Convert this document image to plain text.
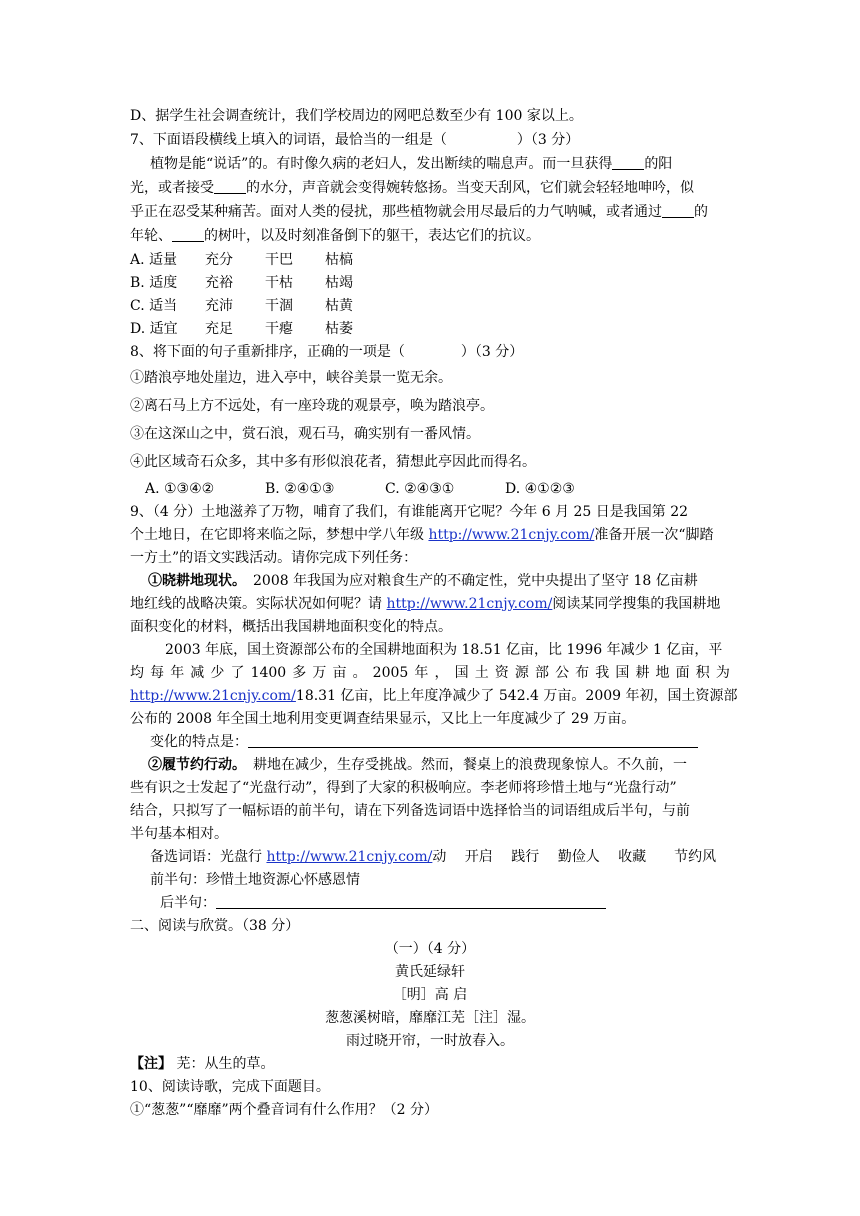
D、据学生社会调查统计，我们学校周边的网吧总数至少有 100 家以上。
7、下面语段横线上填入的词语，最恰当的一组是（　　　　　）（3 分）
植物是能“说话”的。有时像久病的老妇人，发出断续的喘息声。而一旦获得 的阳
光，或者接受 的水分，声音就会变得婉转悠扬。当变天刮风，它们就会轻轻地呻吟，似
乎正在忍受某种痛苦。面对人类的侵扰，那些植物就会用尽最后的力气呐喊，或者通过 的
年轮、 的树叶，以及时刻准备倒下的躯干，表达它们的抗议。
A. 适量 充分 干巴 枯槁
B. 适度 充裕 干枯 枯竭
C. 适当 充沛 干涸 枯黄
D. 适宜 充足 干瘪 枯萎
8、将下面的句子重新排序，正确的一项是（　　　　）（3 分）
①踏浪亭地处崖边，进入亭中，峡谷美景一览无余。
②离石马上方不远处，有一座玲珑的观景亭，唤为踏浪亭。
③在这深山之中，赏石浪，观石马，确实别有一番风情。
④此区域奇石众多，其中多有形似浪花者，猜想此亭因此而得名。
A. ①③④②	B. ②④①③	C. ②④③①	D. ④①②③
9、（4 分）土地滋养了万物，哺育了我们，有谁能离开它呢？今年 6 月 25 日是我国第 22
个土地日，在它即将来临之际，梦想中学八年级 http://www.21cnjy.com/准备开展一次“脚踏
一方土”的语文实践活动。请你完成下列任务：
①晓耕地现状。　 2008 年我国为应对粮食生产的不确定性，党中央提出了坚守 18 亿亩耕
地红线的战略决策。实际状况如何呢？请 http://www.21cnjy.com/阅读某同学搜集的我国耕地
面积变化的材料，概括出我国耕地面积变化的特点。
2003 年底，国土资源部公布的全国耕地面积为 18.51 亿亩，比 1996 年减少 1 亿亩，平
均 每 年 减 少 了 1400 多 万 亩 。 2005 年 ， 国 土 资 源 部 公 布 我 国 耕 地 面 积 为
http://www.21cnjy.com/18.31 亿亩，比上年度净减少了 542.4 万亩。2009 年初，国土资源部
公布的 2008 年全国土地利用变更调查结果显示，又比上一年度减少了 29 万亩。
变化的特点是：
②履节约行动。　 耕地在减少，生存受挑战。然而，餐桌上的浪费现象惊人。不久前，一
些有识之士发起了“光盘行动”，得到了大家的积极响应。李老师将珍惜土地与“光盘行动”
结合，只拟写了一幅标语的前半句，请在下列备选词语中选择恰当的词语组成后半句，与前
半句基本相对。
备选词语：光盘行 http://www.21cnjy.com/动　 开启　 践行　 勤俭人　 收藏　　节约风
前半句：珍惜土地资源心怀感恩情
后半句：
二、阅读与欣赏。（38 分）
（一）（4 分）
黄氏延绿轩
［明］高 启
葱葱溪树暗，靡靡江芜［注］湿。
雨过晓开帘，一时放春入。
【注】 芜：从生的草。
10、阅读诗歌，完成下面题目。
①“葱葱”“靡靡”两个叠音词有什么作用？（2 分）
